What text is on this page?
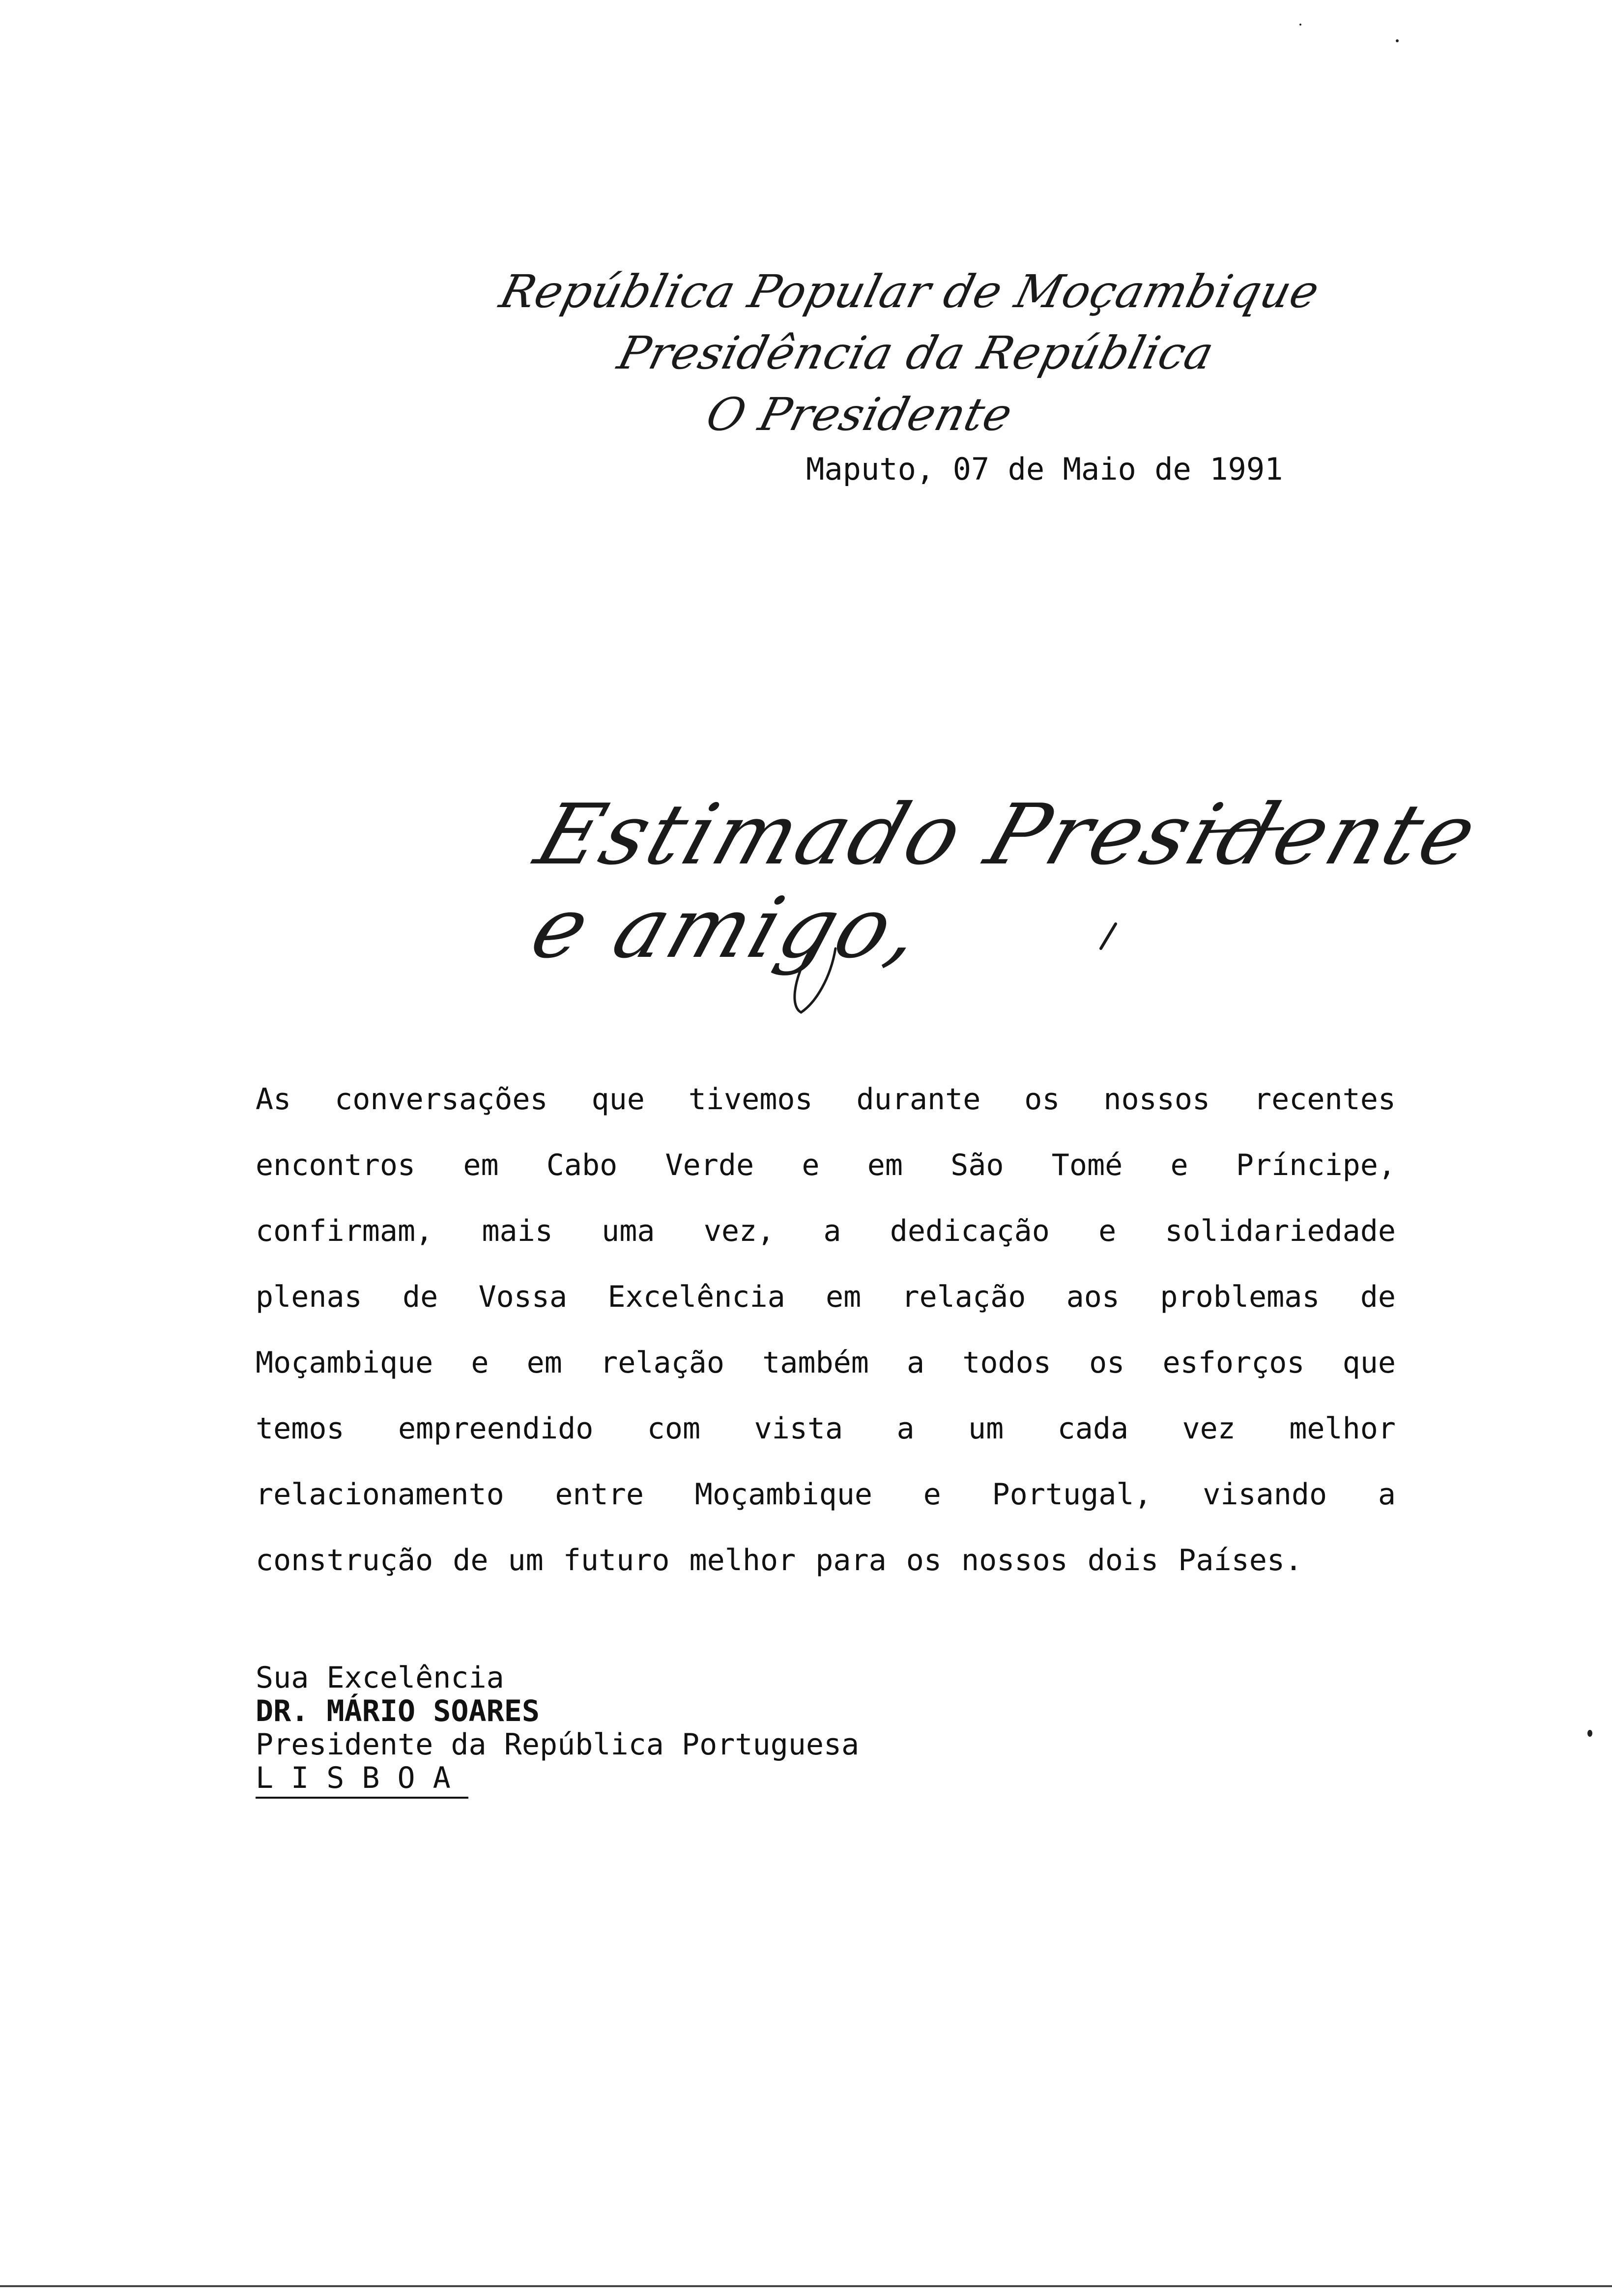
República Popular de Moçambique
Presidência da República
O Presidente
Maputo, 07 de Maio de 1991
Estimado Presidente
e amigo,
As conversações que tivemos durante os nossos recentes
encontros em Cabo Verde e em São Tomé e Príncipe,
confirmam, mais uma vez, a dedicação e solidariedade
plenas de Vossa Excelência em relação aos problemas de
Moçambique e em relação também a todos os esforços que
temos empreendido com vista a um cada vez melhor
relacionamento entre Moçambique e Portugal, visando a
construção de um futuro melhor para os nossos dois Países.
Sua Excelência
DR. MÁRIO SOARES
Presidente da República Portuguesa
LISBOA
